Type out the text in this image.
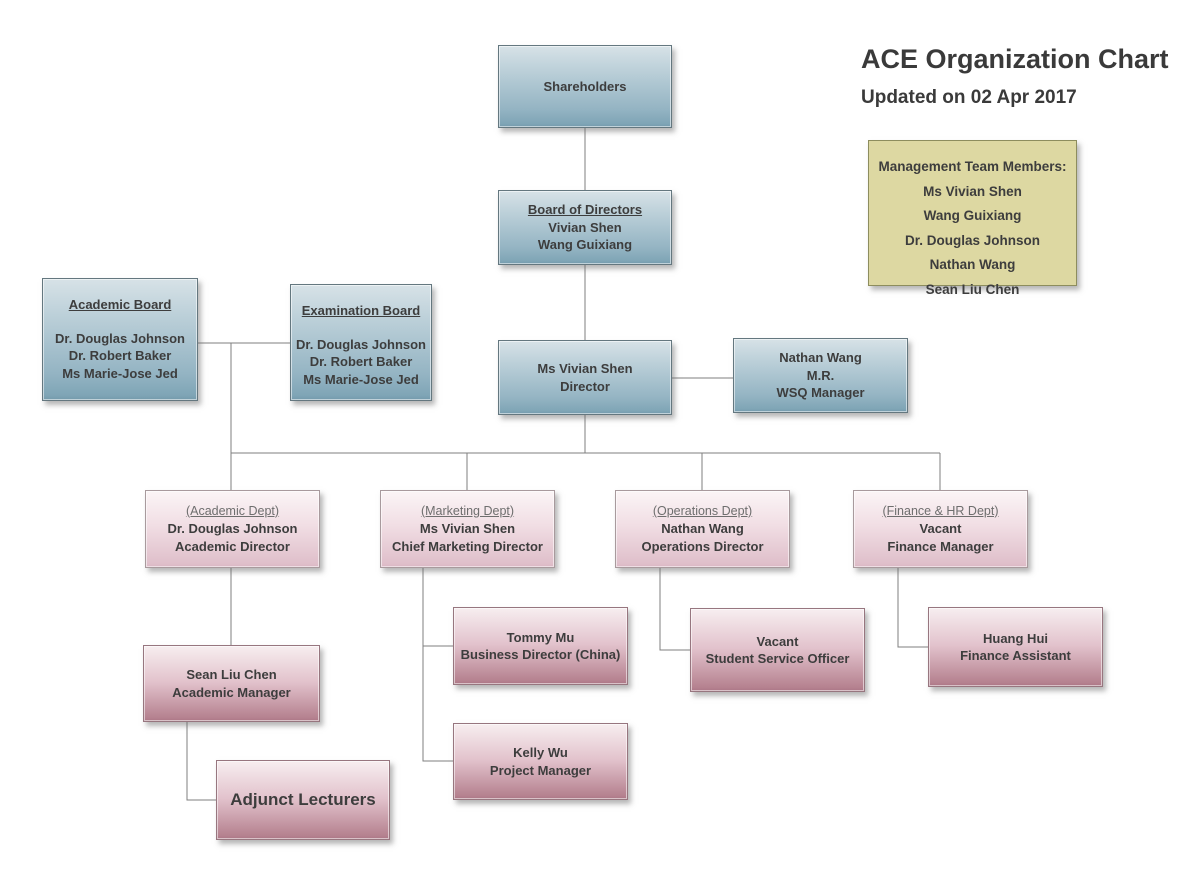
ACE Organization Chart
Updated on 02 Apr 2017
Management Team Members:
Ms Vivian Shen
Wang Guixiang
Dr. Douglas Johnson
Nathan Wang
Sean Liu Chen
Shareholders
Board of Directors
Vivian Shen
Wang Guixiang
Academic Board
Dr. Douglas Johnson
Dr. Robert Baker
Ms Marie-Jose Jed
Examination Board
Dr. Douglas Johnson
Dr. Robert Baker
Ms Marie-Jose Jed
Ms Vivian Shen
Director
Nathan Wang
M.R.
WSQ Manager
(Academic Dept)
Dr. Douglas Johnson
Academic Director
(Marketing Dept)
Ms Vivian Shen
Chief Marketing Director
(Operations Dept)
Nathan Wang
Operations Director
(Finance & HR Dept)
Vacant
Finance Manager
Sean Liu Chen
Academic Manager
Tommy Mu
Business Director (China)
Vacant
Student Service Officer
Huang Hui
Finance Assistant
Kelly Wu
Project Manager
Adjunct Lecturers
